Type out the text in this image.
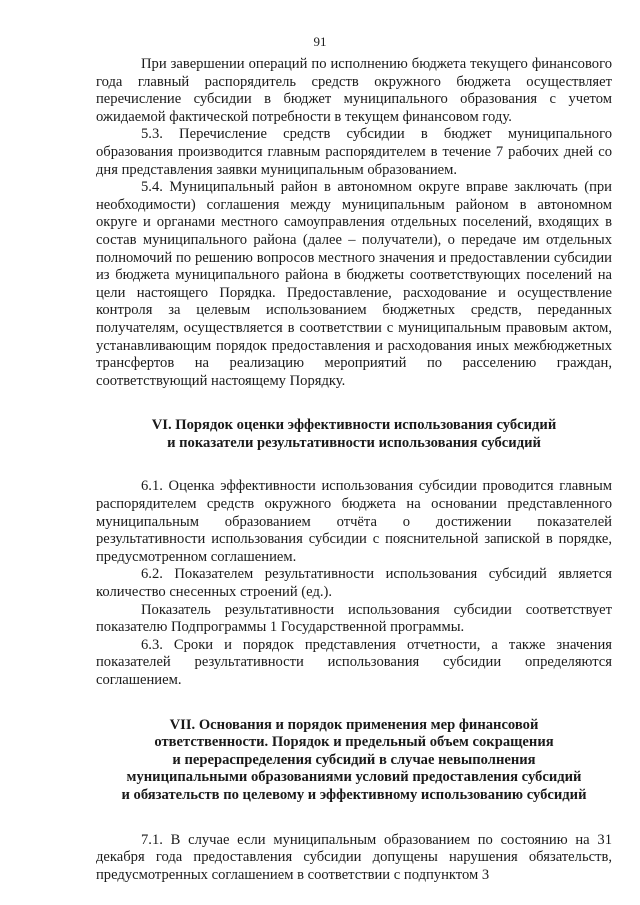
91

При завершении операций по исполнению бюджета текущего финансового года главный распорядитель средств окружного бюджета осуществляет перечисление субсидии в бюджет муниципального образования с учетом ожидаемой фактической потребности в текущем финансовом году.

5.3. Перечисление средств субсидии в бюджет муниципального образования производится главным распорядителем в течение 7 рабочих дней со дня представления заявки муниципальным образованием.

5.4. Муниципальный район в автономном округе вправе заключать (при необходимости) соглашения между муниципальным районом в автономном округе и органами местного самоуправления отдельных поселений, входящих в состав муниципального района (далее – получатели), о передаче им отдельных полномочий по решению вопросов местного значения и предоставлении субсидии из бюджета муниципального района в бюджеты соответствующих поселений на цели настоящего Порядка. Предоставление, расходование и осуществление контроля за целевым использованием бюджетных средств, переданных получателям, осуществляется в соответствии с муниципальным правовым актом, устанавливающим порядок предоставления и расходования иных межбюджетных трансфертов на реализацию мероприятий по расселению граждан, соответствующий настоящему Порядку.

VI. Порядок оценки эффективности использования субсидий
и показатели результативности использования субсидий

6.1. Оценка эффективности использования субсидии проводится главным распорядителем средств окружного бюджета на основании представленного муниципальным образованием отчёта о достижении показателей результативности использования субсидии с пояснительной запиской в порядке, предусмотренном соглашением.

6.2. Показателем результативности использования субсидий является количество снесенных строений (ед.).

Показатель результативности использования субсидии соответствует показателю Подпрограммы 1 Государственной программы.

6.3. Сроки и порядок представления отчетности, а также значения показателей результативности использования субсидии определяются соглашением.

VII. Основания и порядок применения мер финансовой
ответственности. Порядок и предельный объем сокращения
и перераспределения субсидий в случае невыполнения
муниципальными образованиями условий предоставления субсидий
и обязательств по целевому и эффективному использованию субсидий

7.1. В случае если муниципальным образованием по состоянию на 31 декабря года предоставления субсидии допущены нарушения обязательств, предусмотренных соглашением в соответствии с подпунктом 3
